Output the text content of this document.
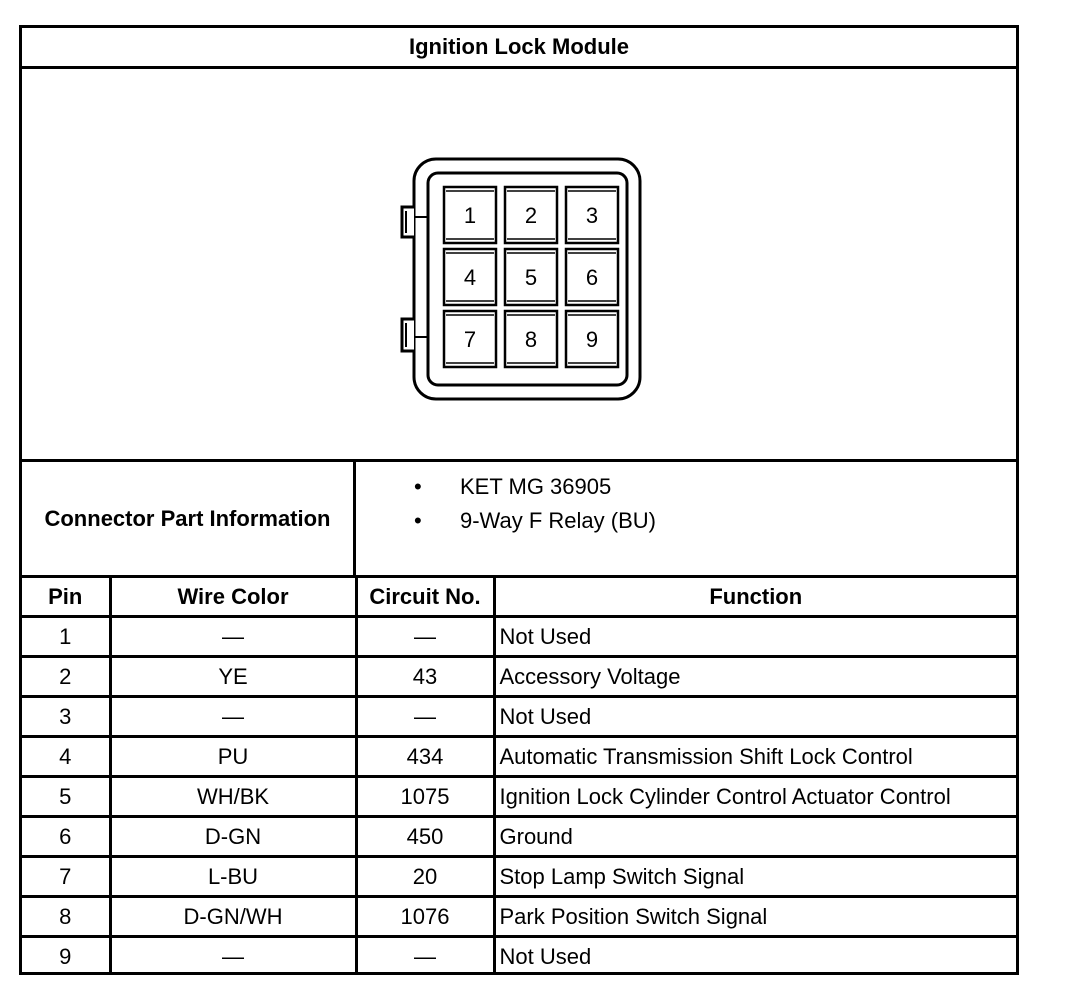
Ignition Lock Module
1 2 3
4 5 6
7 8 9
Connector Part Information
• KET MG 36905
• 9-Way F Relay (BU)
Pin	Wire Color	Circuit No.	Function
1	—	—	Not Used
2	YE	43	Accessory Voltage
3	—	—	Not Used
4	PU	434	Automatic Transmission Shift Lock Control
5	WH/BK	1075	Ignition Lock Cylinder Control Actuator Control
6	D-GN	450	Ground
7	L-BU	20	Stop Lamp Switch Signal
8	D-GN/WH	1076	Park Position Switch Signal
9	—	—	Not Used
